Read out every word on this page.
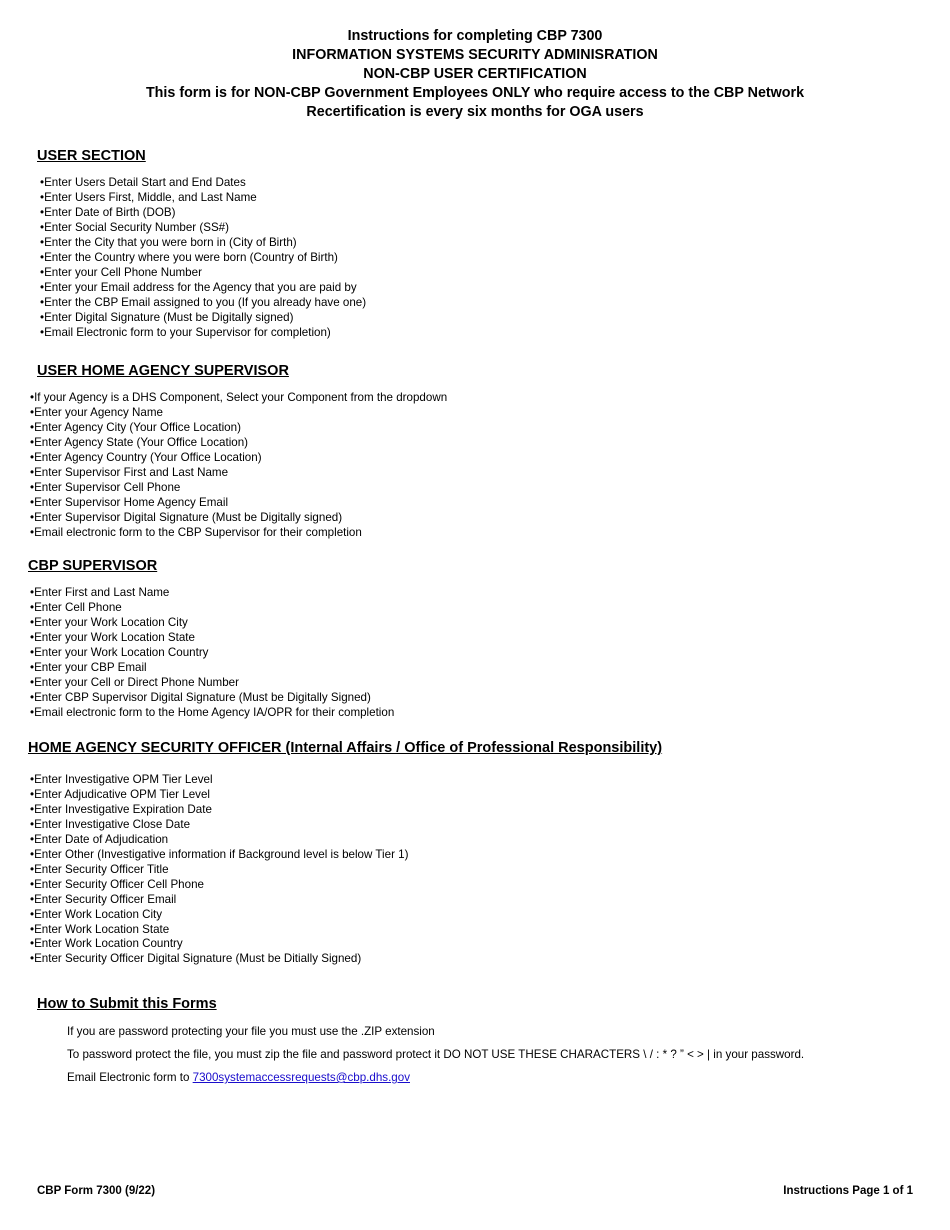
Instructions for completing CBP 7300
INFORMATION SYSTEMS SECURITY ADMINISRATION
NON-CBP USER CERTIFICATION
This form is for NON-CBP Government Employees ONLY who require access to the CBP Network
Recertification is every six months for OGA users
USER SECTION
• Enter Users Detail Start and End Dates
• Enter Users First, Middle, and Last Name
• Enter Date of Birth (DOB)
• Enter Social Security Number (SS#)
• Enter the City that you were born in (City of Birth)
• Enter the Country where you were born (Country of Birth)
• Enter your Cell Phone Number
• Enter your Email address for the Agency that you are paid by
• Enter the CBP Email assigned to you (If you already have one)
• Enter Digital Signature (Must be Digitally signed)
• Email Electronic form to your Supervisor for completion)
USER HOME AGENCY SUPERVISOR
• If your Agency is a DHS Component, Select your Component from the dropdown
• Enter your Agency Name
• Enter Agency City (Your Office Location)
• Enter Agency State (Your Office Location)
• Enter Agency Country (Your Office Location)
• Enter Supervisor First and Last Name
• Enter Supervisor Cell Phone
• Enter Supervisor Home Agency Email
• Enter Supervisor Digital Signature (Must be Digitally signed)
• Email electronic form to the CBP Supervisor for their completion
CBP SUPERVISOR
• Enter First and Last Name
• Enter Cell Phone
• Enter your Work Location City
• Enter your Work Location State
• Enter your Work Location Country
• Enter your CBP Email
• Enter your Cell or Direct Phone Number
• Enter CBP Supervisor Digital Signature (Must be Digitally Signed)
• Email electronic form to the Home Agency IA/OPR for their completion
HOME AGENCY SECURITY OFFICER (Internal Affairs / Office of Professional Responsibility)
• Enter Investigative OPM Tier Level
• Enter Adjudicative OPM Tier Level
• Enter Investigative Expiration Date
• Enter Investigative Close Date
• Enter Date of Adjudication
• Enter Other (Investigative information if Background level is below Tier 1)
• Enter Security Officer Title
• Enter Security Officer Cell Phone
• Enter Security Officer Email
• Enter Work Location City
• Enter Work Location State
• Enter Work Location Country
• Enter Security Officer Digital Signature (Must be Ditially Signed)
How to Submit this Forms
If you are password protecting your file you must use the .ZIP extension
To password protect the file, you must zip the file and password protect it DO NOT USE THESE CHARACTERS \ / : * ? ” < > | in your password.
Email Electronic form to 7300systemaccessrequests@cbp.dhs.gov
CBP Form 7300 (9/22)	Instructions Page 1 of 1
